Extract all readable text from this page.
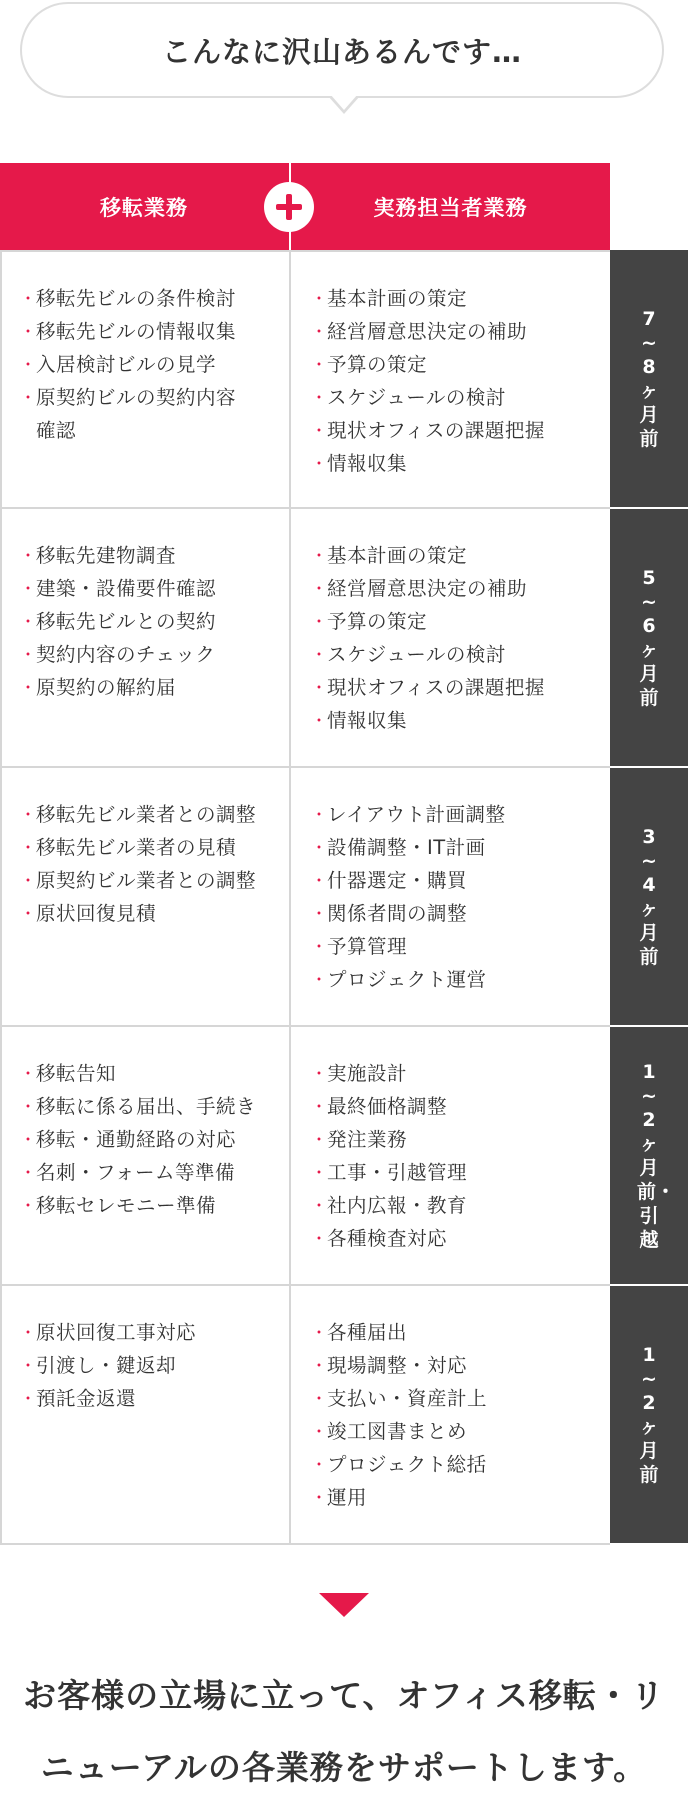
こんなに沢山あるんです…
移転業務	実務担当者業務
・ 移転先ビルの条件検討
・ 移転先ビルの情報収集
・ 入居検討ビルの見学
・ 原契約ビルの契約内容
確認
・ 基本計画の策定
・ 経営層意思決定の補助
・ 予算の策定
・ スケジュールの検討
・ 現状オフィスの課題把握
・ 情報収集
7~8ヶ月前
・ 移転先建物調査
・ 建築・設備要件確認
・ 移転先ビルとの契約
・ 契約内容のチェック
・ 原契約の解約届
・ 基本計画の策定
・ 経営層意思決定の補助
・ 予算の策定
・ スケジュールの検討
・ 現状オフィスの課題把握
・ 情報収集
5~6ヶ月前
・ 移転先ビル業者との調整
・ 移転先ビル業者の見積
・ 原契約ビル業者との調整
・ 原状回復見積
・ レイアウト計画調整
・ 設備調整・IT計画
・ 什器選定・購買
・ 関係者間の調整
・ 予算管理
・ プロジェクト運営
3~4ヶ月前
・ 移転告知
・ 移転に係る届出、手続き
・ 移転・通勤経路の対応
・ 名刺・フォーム等準備
・ 移転セレモニー準備
・ 実施設計
・ 最終価格調整
・ 発注業務
・ 工事・引越管理
・ 社内広報・教育
・ 各種検査対応
1~2ヶ月前・引越
・ 原状回復工事対応
・ 引渡し・鍵返却
・ 預託金返還
・ 各種届出
・ 現場調整・対応
・ 支払い・資産計上
・ 竣工図書まとめ
・ プロジェクト総括
・ 運用
1~2ヶ月前
お客様の立場に立って、オフィス移転・リ
ニューアルの各業務をサポートします。
